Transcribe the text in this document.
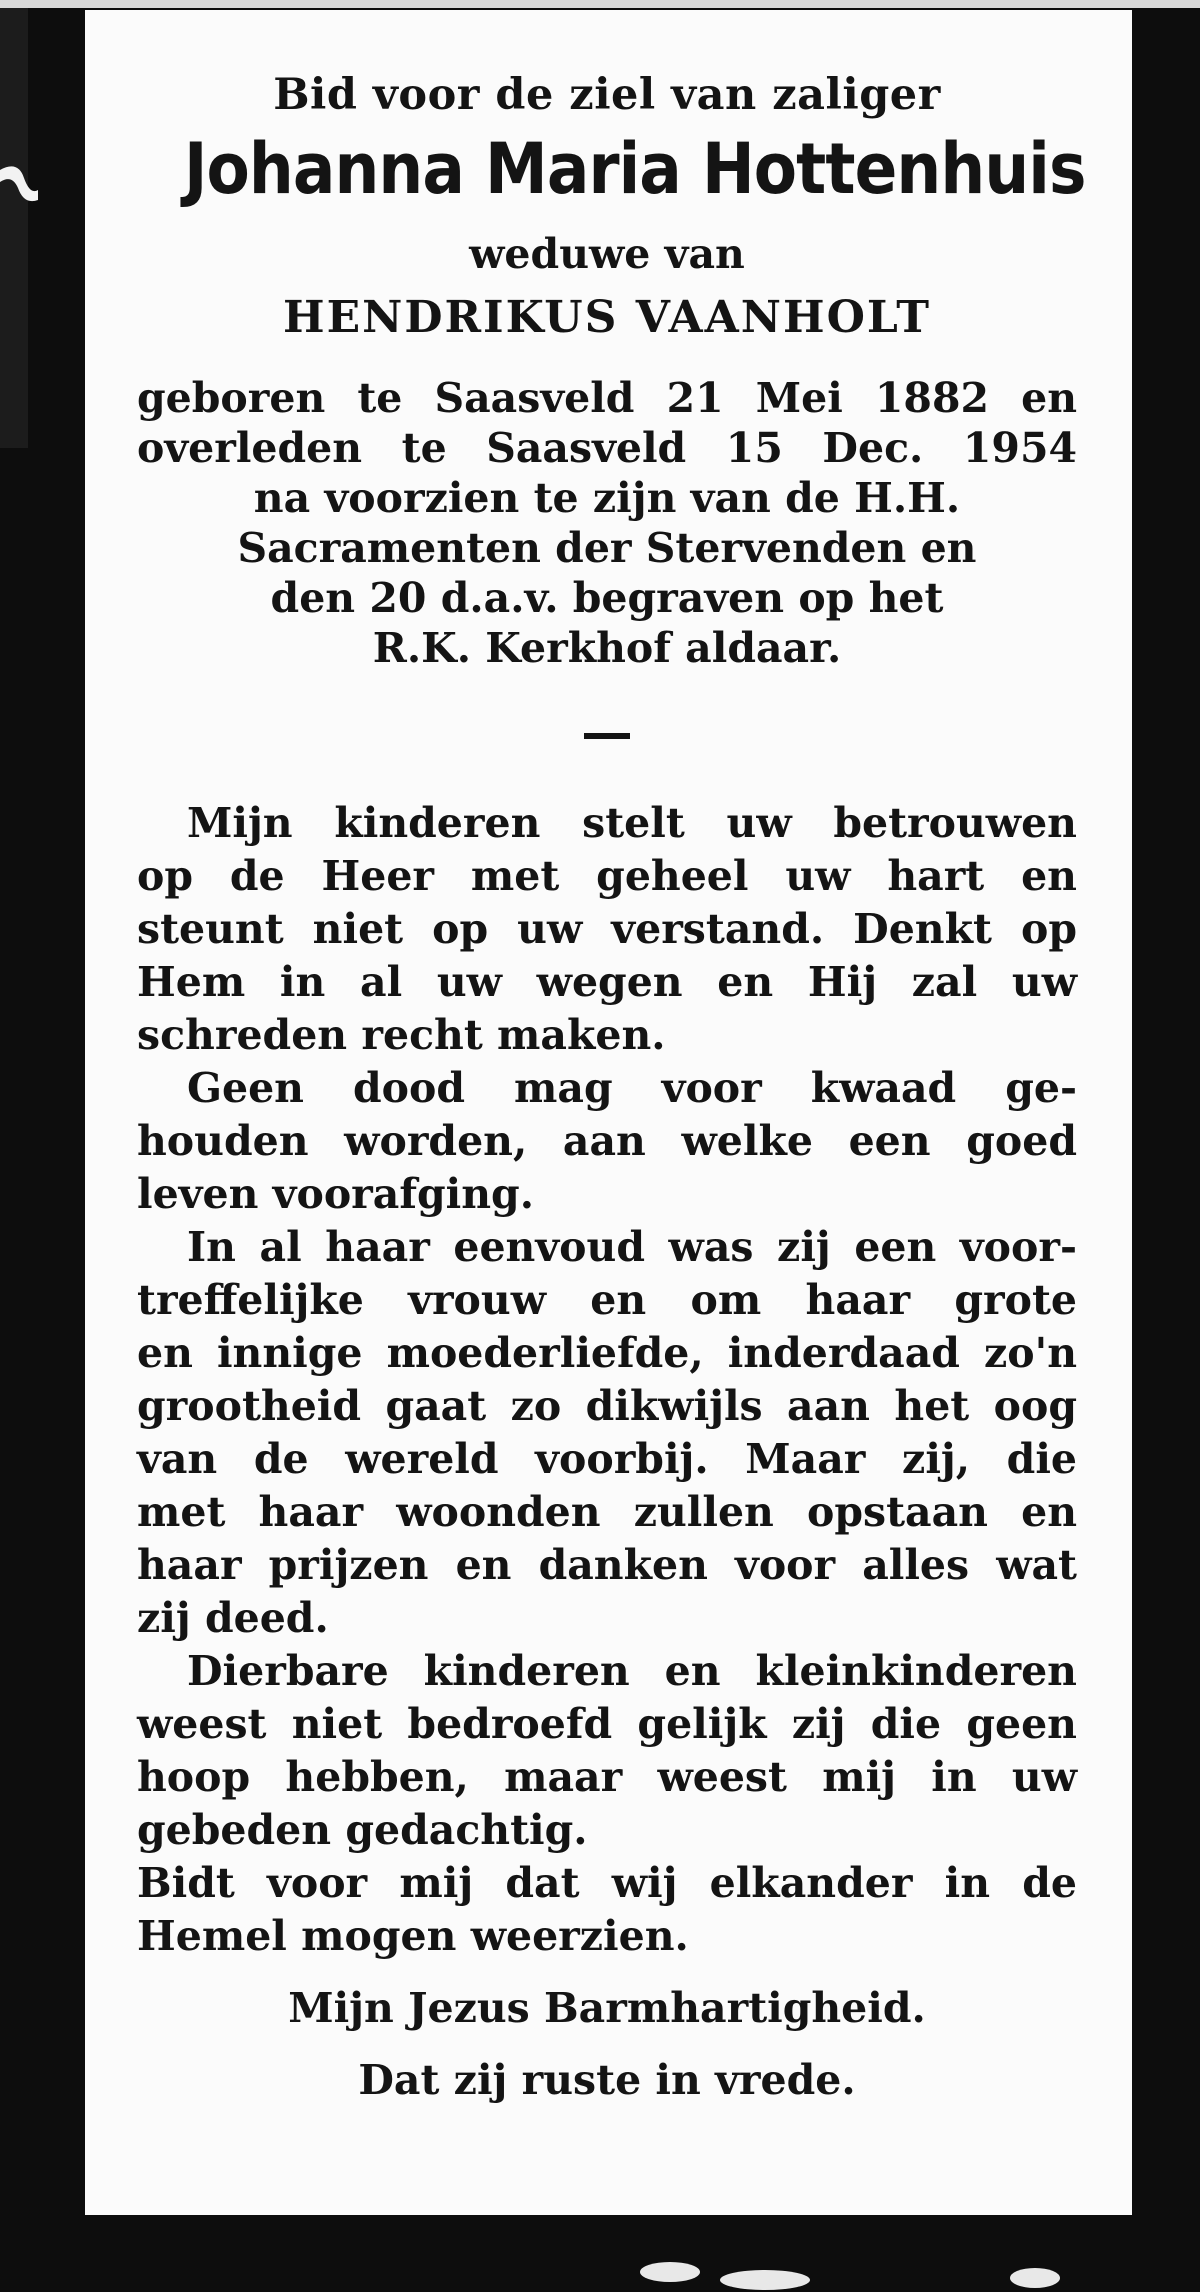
Bid voor de ziel van zaliger
Johanna Maria Hottenhuis
weduwe van
HENDRIKUS VAANHOLT
geboren te Saasveld 21 Mei 1882 en
overleden te Saasveld 15 Dec. 1954
na voorzien te zijn van de H.H.
Sacramenten der Stervenden en
den 20 d.a.v. begraven op het
R.K. Kerkhof aldaar.
Mijn kinderen stelt uw betrouwen
op de Heer met geheel uw hart en
steunt niet op uw verstand. Denkt op
Hem in al uw wegen en Hij zal uw
schreden recht maken.
Geen dood mag voor kwaad ge-
houden worden, aan welke een goed
leven voorafging.
In al haar eenvoud was zij een voor-
treffelijke vrouw en om haar grote
en innige moederliefde, inderdaad zo'n
grootheid gaat zo dikwijls aan het oog
van de wereld voorbij. Maar zij, die
met haar woonden zullen opstaan en
haar prijzen en danken voor alles wat
zij deed.
Dierbare kinderen en kleinkinderen
weest niet bedroefd gelijk zij die geen
hoop hebben, maar weest mij in uw
gebeden gedachtig.
Bidt voor mij dat wij elkander in de
Hemel mogen weerzien.
Mijn Jezus Barmhartigheid.
Dat zij ruste in vrede.
